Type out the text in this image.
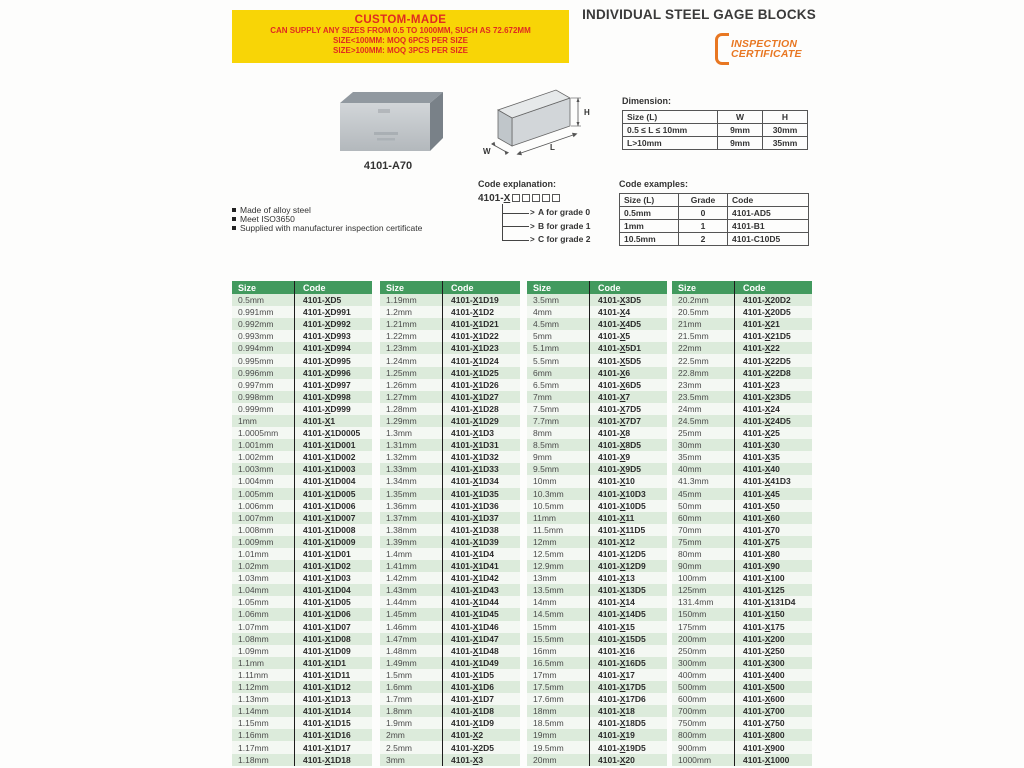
CUSTOM-MADE
CAN SUPPLY ANY SIZES FROM 0.5 TO 1000MM, SUCH AS 72.672MM
SIZE<100MM: MOQ 6PCS PER SIZE
SIZE>100MM: MOQ 3PCS PER SIZE
INDIVIDUAL STEEL GAGE BLOCKS
INSPECTION
CERTIFICATE
4101-A70
H
L
W
Dimension:
Size (L)	W	H
0.5 ≤ L ≤ 10mm	9mm	30mm
L>10mm	9mm	35mm
Code explanation:
4101-X
> A for grade 0
> B for grade 1
> C for grade 2
Code examples:
Size (L)	Grade	Code
0.5mm	0	4101-AD5
1mm	1	4101-B1
10.5mm	2	4101-C10D5
Made of alloy steel
Meet ISO3650
Supplied with manufacturer inspection certificate
Size	Code
0.5mm	4101-XD5
0.991mm	4101-XD991
0.992mm	4101-XD992
0.993mm	4101-XD993
0.994mm	4101-XD994
0.995mm	4101-XD995
0.996mm	4101-XD996
0.997mm	4101-XD997
0.998mm	4101-XD998
0.999mm	4101-XD999
1mm	4101-X1
1.0005mm	4101-X1D0005
1.001mm	4101-X1D001
1.002mm	4101-X1D002
1.003mm	4101-X1D003
1.004mm	4101-X1D004
1.005mm	4101-X1D005
1.006mm	4101-X1D006
1.007mm	4101-X1D007
1.008mm	4101-X1D008
1.009mm	4101-X1D009
1.01mm	4101-X1D01
1.02mm	4101-X1D02
1.03mm	4101-X1D03
1.04mm	4101-X1D04
1.05mm	4101-X1D05
1.06mm	4101-X1D06
1.07mm	4101-X1D07
1.08mm	4101-X1D08
1.09mm	4101-X1D09
1.1mm	4101-X1D1
1.11mm	4101-X1D11
1.12mm	4101-X1D12
1.13mm	4101-X1D13
1.14mm	4101-X1D14
1.15mm	4101-X1D15
1.16mm	4101-X1D16
1.17mm	4101-X1D17
1.18mm	4101-X1D18
Size	Code
1.19mm	4101-X1D19
1.2mm	4101-X1D2
1.21mm	4101-X1D21
1.22mm	4101-X1D22
1.23mm	4101-X1D23
1.24mm	4101-X1D24
1.25mm	4101-X1D25
1.26mm	4101-X1D26
1.27mm	4101-X1D27
1.28mm	4101-X1D28
1.29mm	4101-X1D29
1.3mm	4101-X1D3
1.31mm	4101-X1D31
1.32mm	4101-X1D32
1.33mm	4101-X1D33
1.34mm	4101-X1D34
1.35mm	4101-X1D35
1.36mm	4101-X1D36
1.37mm	4101-X1D37
1.38mm	4101-X1D38
1.39mm	4101-X1D39
1.4mm	4101-X1D4
1.41mm	4101-X1D41
1.42mm	4101-X1D42
1.43mm	4101-X1D43
1.44mm	4101-X1D44
1.45mm	4101-X1D45
1.46mm	4101-X1D46
1.47mm	4101-X1D47
1.48mm	4101-X1D48
1.49mm	4101-X1D49
1.5mm	4101-X1D5
1.6mm	4101-X1D6
1.7mm	4101-X1D7
1.8mm	4101-X1D8
1.9mm	4101-X1D9
2mm	4101-X2
2.5mm	4101-X2D5
3mm	4101-X3
Size	Code
3.5mm	4101-X3D5
4mm	4101-X4
4.5mm	4101-X4D5
5mm	4101-X5
5.1mm	4101-X5D1
5.5mm	4101-X5D5
6mm	4101-X6
6.5mm	4101-X6D5
7mm	4101-X7
7.5mm	4101-X7D5
7.7mm	4101-X7D7
8mm	4101-X8
8.5mm	4101-X8D5
9mm	4101-X9
9.5mm	4101-X9D5
10mm	4101-X10
10.3mm	4101-X10D3
10.5mm	4101-X10D5
11mm	4101-X11
11.5mm	4101-X11D5
12mm	4101-X12
12.5mm	4101-X12D5
12.9mm	4101-X12D9
13mm	4101-X13
13.5mm	4101-X13D5
14mm	4101-X14
14.5mm	4101-X14D5
15mm	4101-X15
15.5mm	4101-X15D5
16mm	4101-X16
16.5mm	4101-X16D5
17mm	4101-X17
17.5mm	4101-X17D5
17.6mm	4101-X17D6
18mm	4101-X18
18.5mm	4101-X18D5
19mm	4101-X19
19.5mm	4101-X19D5
20mm	4101-X20
Size	Code
20.2mm	4101-X20D2
20.5mm	4101-X20D5
21mm	4101-X21
21.5mm	4101-X21D5
22mm	4101-X22
22.5mm	4101-X22D5
22.8mm	4101-X22D8
23mm	4101-X23
23.5mm	4101-X23D5
24mm	4101-X24
24.5mm	4101-X24D5
25mm	4101-X25
30mm	4101-X30
35mm	4101-X35
40mm	4101-X40
41.3mm	4101-X41D3
45mm	4101-X45
50mm	4101-X50
60mm	4101-X60
70mm	4101-X70
75mm	4101-X75
80mm	4101-X80
90mm	4101-X90
100mm	4101-X100
125mm	4101-X125
131.4mm	4101-X131D4
150mm	4101-X150
175mm	4101-X175
200mm	4101-X200
250mm	4101-X250
300mm	4101-X300
400mm	4101-X400
500mm	4101-X500
600mm	4101-X600
700mm	4101-X700
750mm	4101-X750
800mm	4101-X800
900mm	4101-X900
1000mm	4101-X1000
